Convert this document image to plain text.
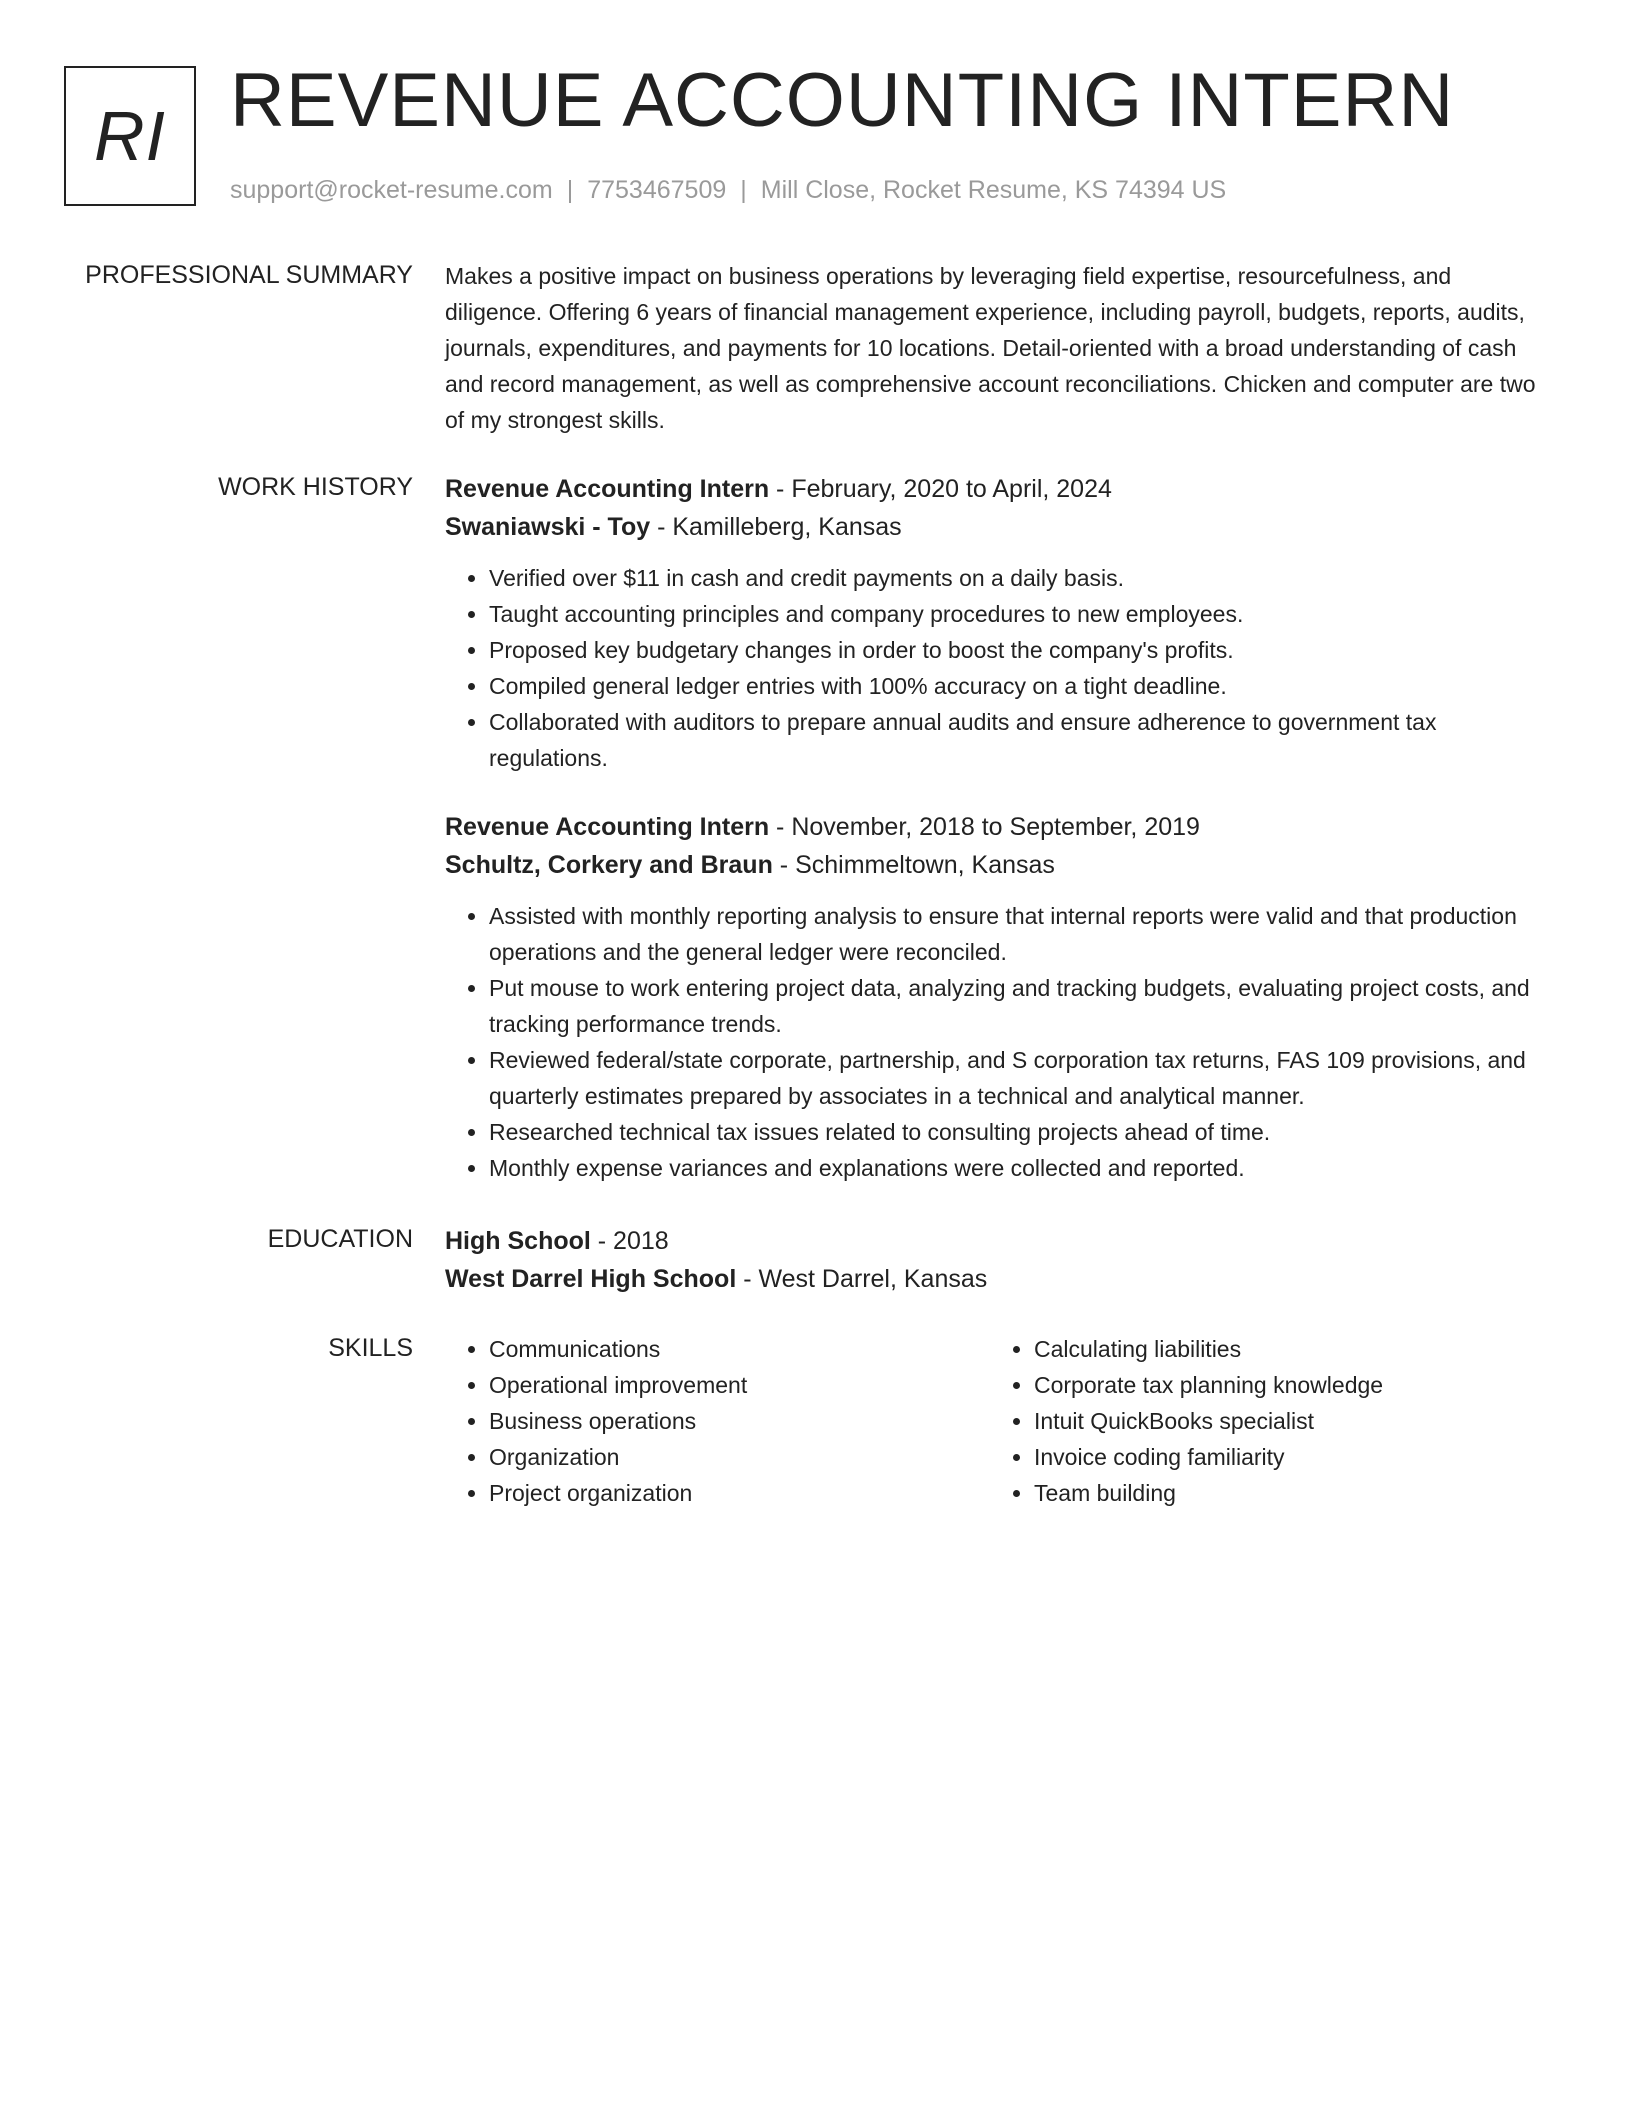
RI REVENUE ACCOUNTING INTERN
support@rocket-resume.com | 7753467509 | Mill Close, Rocket Resume, KS 74394 US
PROFESSIONAL SUMMARY Makes a positive impact on business operations by leveraging field expertise, resourcefulness, and diligence. Offering 6 years of financial management experience, including payroll, budgets, reports, audits, journals, expenditures, and payments for 10 locations. Detail-oriented with a broad understanding of cash and record management, as well as comprehensive account reconciliations. Chicken and computer are two of my strongest skills.
WORK HISTORY Revenue Accounting Intern - February, 2020 to April, 2024
Swaniawski - Toy - Kamilleberg, Kansas
• Verified over $11 in cash and credit payments on a daily basis.
• Taught accounting principles and company procedures to new employees.
• Proposed key budgetary changes in order to boost the company's profits.
• Compiled general ledger entries with 100% accuracy on a tight deadline.
• Collaborated with auditors to prepare annual audits and ensure adherence to government tax regulations.
Revenue Accounting Intern - November, 2018 to September, 2019
Schultz, Corkery and Braun - Schimmeltown, Kansas
• Assisted with monthly reporting analysis to ensure that internal reports were valid and that production operations and the general ledger were reconciled.
• Put mouse to work entering project data, analyzing and tracking budgets, evaluating project costs, and tracking performance trends.
• Reviewed federal/state corporate, partnership, and S corporation tax returns, FAS 109 provisions, and quarterly estimates prepared by associates in a technical and analytical manner.
• Researched technical tax issues related to consulting projects ahead of time.
• Monthly expense variances and explanations were collected and reported.
EDUCATION High School - 2018
West Darrel High School - West Darrel, Kansas
SKILLS
•	Communications
• Operational improvement
• Business operations
• Organization
• Project organization
• Calculating liabilities
• Corporate tax planning knowledge
• Intuit QuickBooks specialist
• Invoice coding familiarity
• Team building
